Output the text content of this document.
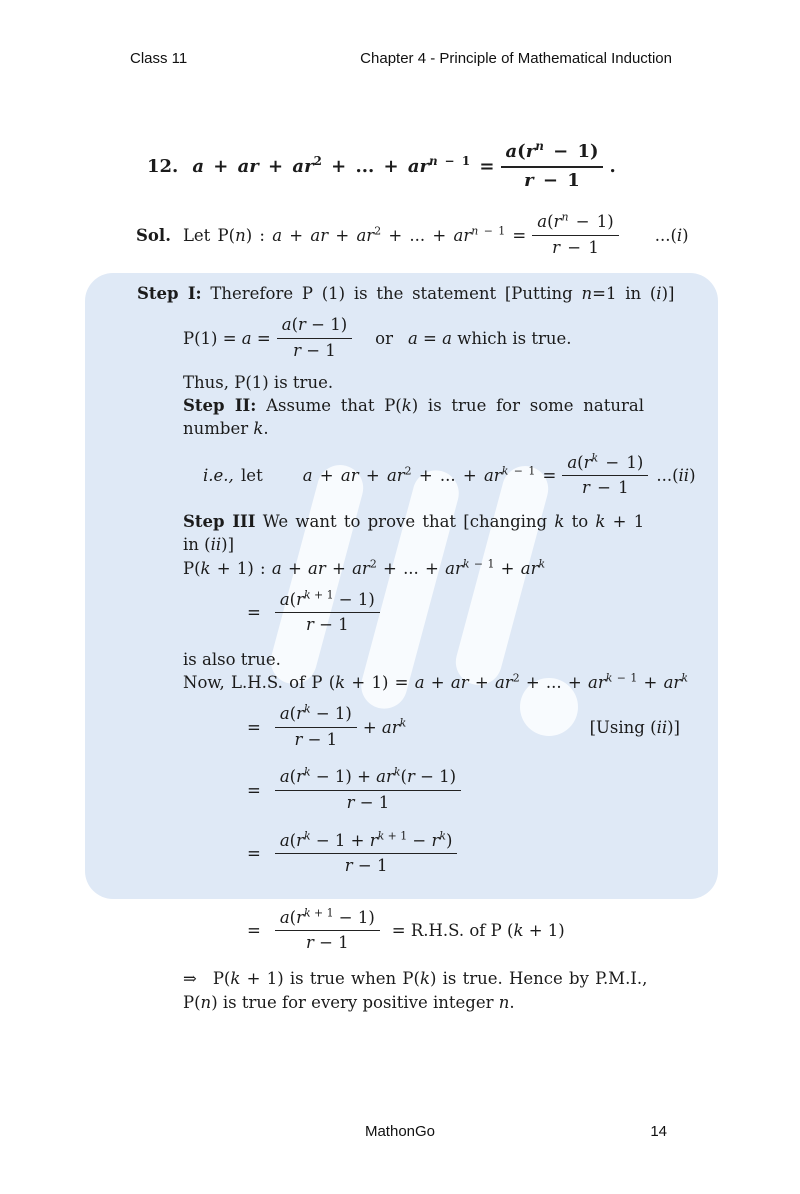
Class 11	Chapter 4 - Principle of Mathematical Induction
12. a + ar + $ar^2$ + ... + $ar^{n - 1} = \frac{a(r^n - 1)}{r - 1}$ .
Sol. Let P(n) : a + ar + $ar^2$ + ... + $ar^{n - 1} = \frac{a(r^n - 1)}{r - 1} ...(i)$
Step I: Therefore P (1) is the statement [Putting n=1 in (i)]
$P(1) = a = \frac{a(r - 1)}{r - 1}$ or a = a which is true.
Thus, P(1) is true.
Step II: Assume that P(k) is true for some natural
number k.
i.e., let a + ar + $ar^2$ + ... + $ar^{k - 1} = \frac{a(r^k - 1)}{r - 1} ...(ii)$
Step III We want to prove that [changing k to k + 1
in (ii)]
P(k + 1) : a + ar + $ar^2$ + ... + $ar^{k - 1} + ar^k$
= $\frac{a(r^{k + 1} - 1)}{r - 1}$
is also true.
Now, L.H.S. of P (k + 1) = a + ar + $ar^2$ + ... + $ar^{k - 1} + ar^k$
= $\frac{a(r^k - 1)}{r - 1} + ar^k$	[Using (ii)]
= $\frac{a(r^k - 1) + ar^k(r - 1)}{r - 1}$
= $\frac{a(r^k - 1 + r^{k + 1} - r^k)}{r - 1}$
= $\frac{a(r^{k + 1} - 1)}{r - 1} = R.H.S$. of P (k + 1)
⇒ P(k + 1) is true when P(k) is true. Hence by P.M.I.,
P(n) is true for every positive integer n.
MathonGo	14
